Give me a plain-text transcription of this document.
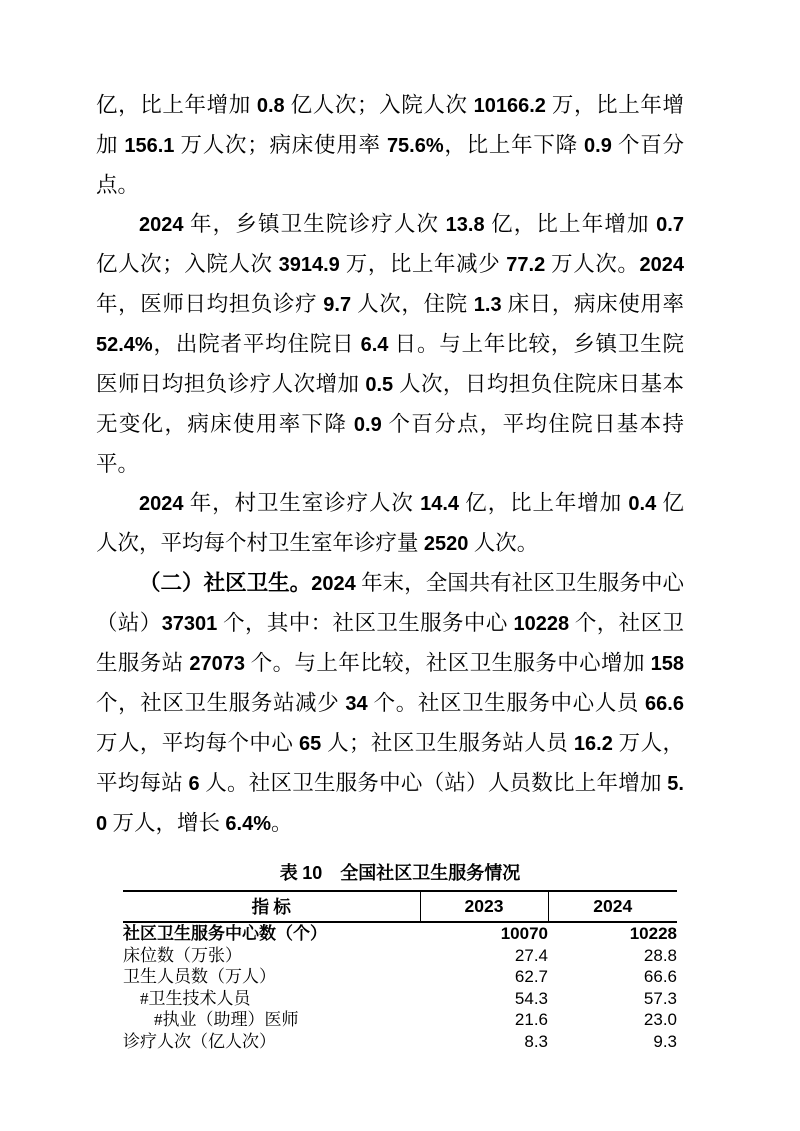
亿，比上年增加 0.8 亿人次；入院人次 10166.2 万，比上年增加 156.1 万人次；病床使用率 75.6%，比上年下降 0.9 个百分点。

2024 年，乡镇卫生院诊疗人次 13.8 亿，比上年增加 0.7 亿人次；入院人次 3914.9 万，比上年减少 77.2 万人次。2024 年，医师日均担负诊疗 9.7 人次，住院 1.3 床日，病床使用率 52.4%，出院者平均住院日 6.4 日。与上年比较，乡镇卫生院医师日均担负诊疗人次增加 0.5 人次，日均担负住院床日基本无变化，病床使用率下降 0.9 个百分点，平均住院日基本持平。

2024 年，村卫生室诊疗人次 14.4 亿，比上年增加 0.4 亿人次，平均每个村卫生室年诊疗量 2520 人次。

（二）社区卫生。2024 年末，全国共有社区卫生服务中心（站）37301 个，其中：社区卫生服务中心 10228 个，社区卫生服务站 27073 个。与上年比较，社区卫生服务中心增加 158 个，社区卫生服务站减少 34 个。社区卫生服务中心人员 66.6 万人，平均每个中心 65 人；社区卫生服务站人员 16.2 万人，平均每站 6 人。社区卫生服务中心（站）人员数比上年增加 5.0 万人，增长 6.4%。

表 10　全国社区卫生服务情况
指 标	2023	2024
社区卫生服务中心数（个）	10070	10228
床位数（万张）	27.4	28.8
卫生人员数（万人）	62.7	66.6
#卫生技术人员	54.3	57.3
#执业（助理）医师	21.6	23.0
诊疗人次（亿人次）	8.3	9.3
